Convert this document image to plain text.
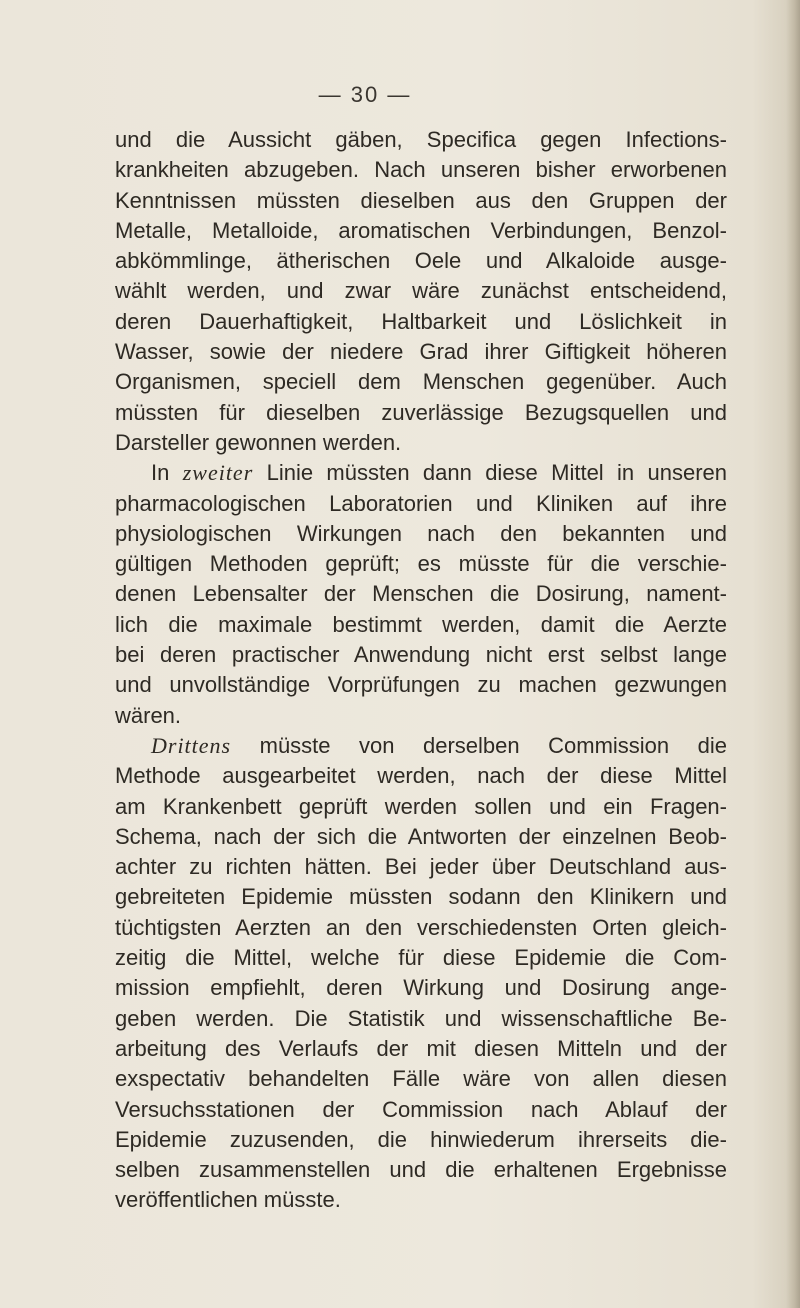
— 30 —
und die Aussicht gäben, Specifica gegen Infections-
krankheiten abzugeben. Nach unseren bisher erworbenen
Kenntnissen müssten dieselben aus den Gruppen der
Metalle, Metalloide, aromatischen Verbindungen, Benzol-
abkömmlinge, ätherischen Oele und Alkaloide ausge-
wählt werden, und zwar wäre zunächst entscheidend,
deren Dauerhaftigkeit, Haltbarkeit und Löslichkeit in
Wasser, sowie der niedere Grad ihrer Giftigkeit höheren
Organismen, speciell dem Menschen gegenüber. Auch
müssten für dieselben zuverlässige Bezugsquellen und
Darsteller gewonnen werden.
In zweiter Linie müssten dann diese Mittel in unseren
pharmacologischen Laboratorien und Kliniken auf ihre
physiologischen Wirkungen nach den bekannten und
gültigen Methoden geprüft; es müsste für die verschie-
denen Lebensalter der Menschen die Dosirung, nament-
lich die maximale bestimmt werden, damit die Aerzte
bei deren practischer Anwendung nicht erst selbst lange
und unvollständige Vorprüfungen zu machen gezwungen
wären.
Drittens müsste von derselben Commission die
Methode ausgearbeitet werden, nach der diese Mittel
am Krankenbett geprüft werden sollen und ein Fragen-
Schema, nach der sich die Antworten der einzelnen Beob-
achter zu richten hätten. Bei jeder über Deutschland aus-
gebreiteten Epidemie müssten sodann den Klinikern und
tüchtigsten Aerzten an den verschiedensten Orten gleich-
zeitig die Mittel, welche für diese Epidemie die Com-
mission empfiehlt, deren Wirkung und Dosirung ange-
geben werden. Die Statistik und wissenschaftliche Be-
arbeitung des Verlaufs der mit diesen Mitteln und der
exspectativ behandelten Fälle wäre von allen diesen
Versuchsstationen der Commission nach Ablauf der
Epidemie zuzusenden, die hinwiederum ihrerseits die-
selben zusammenstellen und die erhaltenen Ergebnisse
veröffentlichen müsste.
